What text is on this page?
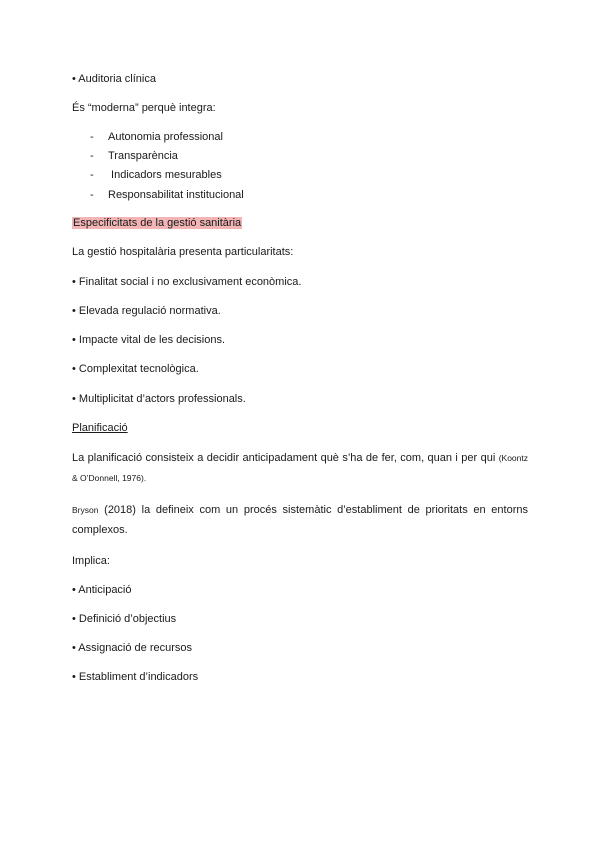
• Auditoria clínica

És “moderna” perquè integra:

- Autonomia professional
- Transparència
- Indicadors mesurables
- Responsabilitat institucional

Especificitats de la gestió sanitària

La gestió hospitalària presenta particularitats:

• Finalitat social i no exclusivament econòmica.

• Elevada regulació normativa.

• Impacte vital de les decisions.

• Complexitat tecnològica.

• Multiplicitat d’actors professionals.

Planificació

La planificació consisteix a decidir anticipadament què s’ha de fer, com, quan i per qui (Koontz & O’Donnell, 1976).

Bryson (2018) la defineix com un procés sistemàtic d’establiment de prioritats en entorns complexos.

Implica:

• Anticipació

• Definició d’objectius

• Assignació de recursos

• Establiment d’indicadors
